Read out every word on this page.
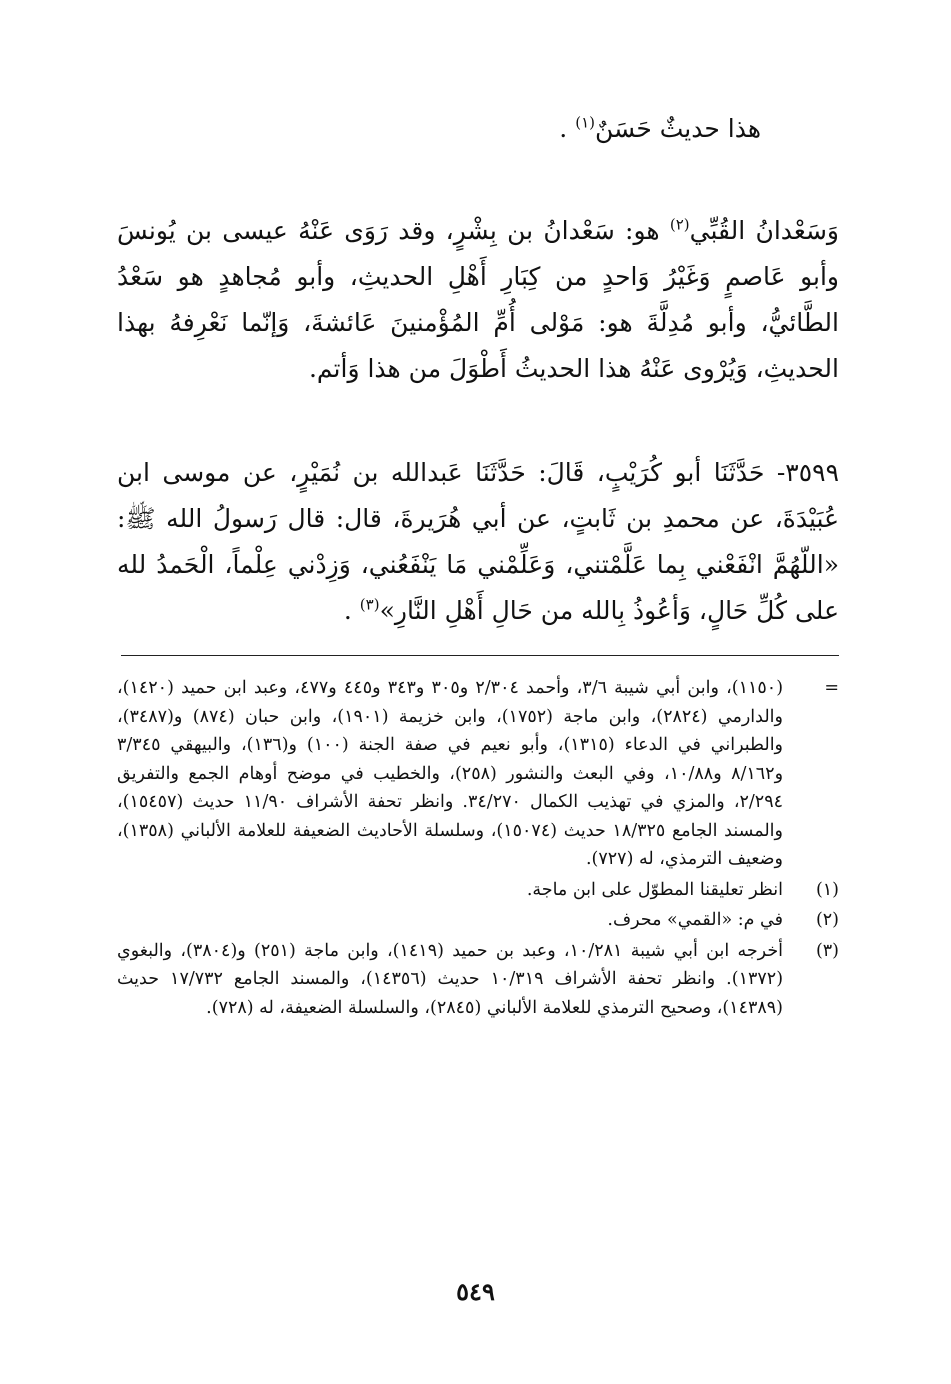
هذا حديثٌ حَسَنٌ$^{(١)}$ .

وَسَعْدانُ القُبِّي$^{(٢)}$ هو: سَعْدانُ بن بِشْرٍ، وقد رَوَى عَنْهُ عيسى بن يُونسَ وأبو عَاصمٍ وَغَيْرُ وَاحدٍ من كِبَارِ أَهْلِ الحديثِ، وأبو مُجاهدٍ هو سَعْدُ الطَّائيُّ، وأبو مُدِلَّةَ هو: مَوْلى أُمِّ المُؤْمنينَ عَائشةَ، وَإنّما نَعْرِفهُ بهذا الحديثِ، وَيُرْوى عَنْهُ هذا الحديثُ أَطْوَلَ من هذا وَأتم.

٣٥٩٩- حَدَّثَنَا أبو كُرَيْبٍ، قَالَ: حَدَّثَنَا عَبدالله بن نُمَيْرٍ، عن موسى ابن عُبَيْدَةَ، عن محمدِ بن ثَابتٍ، عن أبي هُرَيرةَ، قال: قال رَسولُ الله ﷺ: «اللّهُمَّ انْفَعْني بِما عَلَّمْتني، وَعَلِّمْني مَا يَنْفَعُني، وَزِدْني عِلْماً، الْحَمدُ لله على كُلِّ حَالٍ، وَأعُوذُ بِالله من حَالِ أَهْلِ النَّارِ»$^{(٣)}$ .

=
(١١٥٠)، وابن أبي شيبة ٣/٦، وأحمد ٢/٣٠٤ و٣٠٥ و٣٤٣ و٤٤٥ و٤٧٧، وعبد ابن حميد (١٤٢٠)، والدارمي (٢٨٢٤)، وابن ماجة (١٧٥٢)، وابن خزيمة (١٩٠١)، وابن حبان (٨٧٤) و(٣٤٨٧)، والطبراني في الدعاء (١٣١٥)، وأبو نعيم في صفة الجنة (١٠٠) و(١٣٦)، والبيهقي ٣/٣٤٥ و٨/١٦٢ و١٠/٨٨، وفي البعث والنشور (٢٥٨)، والخطيب في موضح أوهام الجمع والتفريق ٢/٢٩٤، والمزي في تهذيب الكمال ٣٤/٢٧٠. وانظر تحفة الأشراف ١١/٩٠ حديث (١٥٤٥٧)، والمسند الجامع ١٨/٣٢٥ حديث (١٥٠٧٤)، وسلسلة الأحاديث الضعيفة للعلامة الألباني (١٣٥٨)، وضعيف الترمذي، له (٧٢٧).
(١)
انظر تعليقنا المطوّل على ابن ماجة.
(٢)
في م: «القمي» محرف.
(٣)
أخرجه ابن أبي شيبة ١٠/٢٨١، وعبد بن حميد (١٤١٩)، وابن ماجة (٢٥١) و(٣٨٠٤)، والبغوي (١٣٧٢). وانظر تحفة الأشراف ١٠/٣١٩ حديث (١٤٣٥٦)، والمسند الجامع ١٧/٧٣٢ حديث (١٤٣٨٩)، وصحيح الترمذي للعلامة الألباني (٢٨٤٥)، والسلسلة الضعيفة، له (٧٢٨).
٥٤٩
